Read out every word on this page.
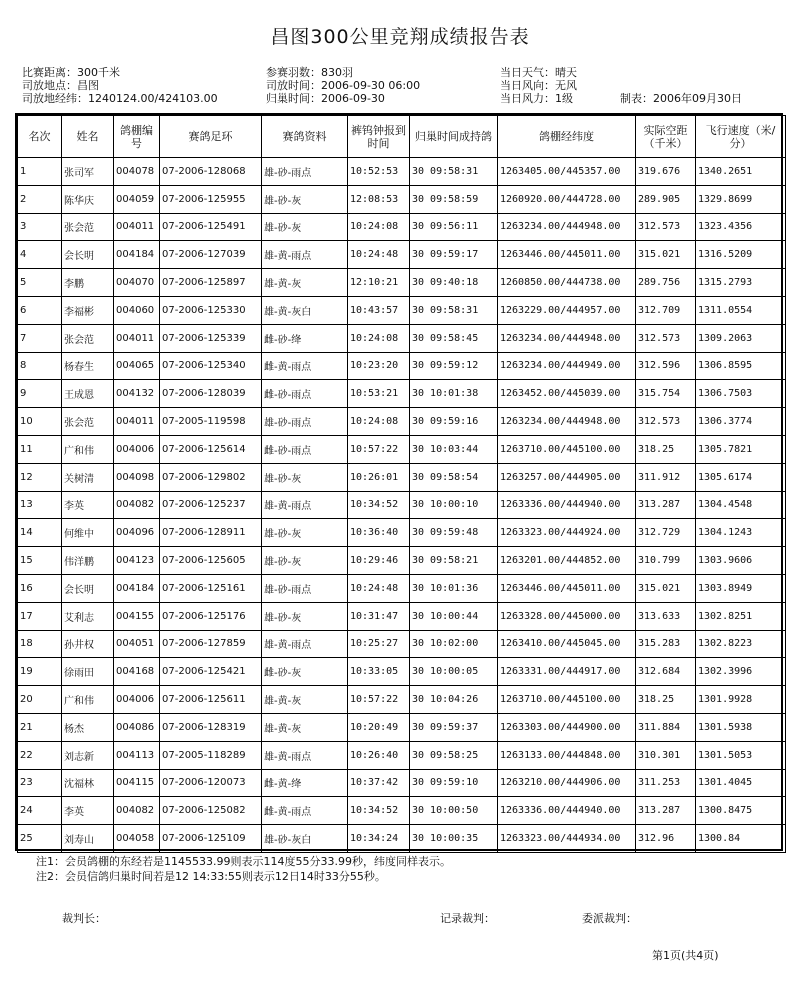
昌图300公里竞翔成绩报告表
比赛距离：300千米
司放地点：昌图
司放地经纬：1240124.00/424103.00
参赛羽数：830羽
司放时间：2006-09-30 06:00
归巢时间：2006-09-30
当日天气：晴天
当日风向：无风
当日风力：1级	制表：2006年09月30日
名次	姓名	鸽棚编号	赛鸽足环	赛鸽资料	裤钨钟报到时间	归巢时间成持鸽	鸽棚经纬度	实际空距（千米）	飞行速度（米/分）
1	张司军	004078	07-2006-128068	雄-砂-雨点	10:52:53	30 09:58:31	1263405.00/445357.00	319.676	1340.2651
2	陈华庆	004059	07-2006-125955	雄-砂-灰	12:08:53	30 09:58:59	1260920.00/444728.00	289.905	1329.8699
3	张会范	004011	07-2006-125491	雄-砂-灰	10:24:08	30 09:56:11	1263234.00/444948.00	312.573	1323.4356
4	会长明	004184	07-2006-127039	雄-黄-雨点	10:24:48	30 09:59:17	1263446.00/445011.00	315.021	1316.5209
5	李鹏	004070	07-2006-125897	雄-黄-灰	12:10:21	30 09:40:18	1260850.00/444738.00	289.756	1315.2793
6	李福彬	004060	07-2006-125330	雄-黄-灰白	10:43:57	30 09:58:31	1263229.00/444957.00	312.709	1311.0554
7	张会范	004011	07-2006-125339	雌-砂-绛	10:24:08	30 09:58:45	1263234.00/444948.00	312.573	1309.2063
8	杨春生	004065	07-2006-125340	雌-黄-雨点	10:23:20	30 09:59:12	1263234.00/444949.00	312.596	1306.8595
9	王成恩	004132	07-2006-128039	雌-砂-雨点	10:53:21	30 10:01:38	1263452.00/445039.00	315.754	1306.7503
10	张会范	004011	07-2005-119598	雄-砂-雨点	10:24:08	30 09:59:16	1263234.00/444948.00	312.573	1306.3774
11	广和伟	004006	07-2006-125614	雌-砂-雨点	10:57:22	30 10:03:44	1263710.00/445100.00	318.25	1305.7821
12	关树清	004098	07-2006-129802	雄-砂-灰	10:26:01	30 09:58:54	1263257.00/444905.00	311.912	1305.6174
13	李英	004082	07-2006-125237	雄-黄-雨点	10:34:52	30 10:00:10	1263336.00/444940.00	313.287	1304.4548
14	何维中	004096	07-2006-128911	雄-砂-灰	10:36:40	30 09:59:48	1263323.00/444924.00	312.729	1304.1243
15	伟洋鹏	004123	07-2006-125605	雄-砂-灰	10:29:46	30 09:58:21	1263201.00/444852.00	310.799	1303.9606
16	会长明	004184	07-2006-125161	雄-砂-雨点	10:24:48	30 10:01:36	1263446.00/445011.00	315.021	1303.8949
17	艾利志	004155	07-2006-125176	雄-砂-灰	10:31:47	30 10:00:44	1263328.00/445000.00	313.633	1302.8251
18	孙井权	004051	07-2006-127859	雄-黄-雨点	10:25:27	30 10:02:00	1263410.00/445045.00	315.283	1302.8223
19	徐雨田	004168	07-2006-125421	雌-砂-灰	10:33:05	30 10:00:05	1263331.00/444917.00	312.684	1302.3996
20	广和伟	004006	07-2006-125611	雄-黄-灰	10:57:22	30 10:04:26	1263710.00/445100.00	318.25	1301.9928
21	杨杰	004086	07-2006-128319	雄-黄-灰	10:20:49	30 09:59:37	1263303.00/444900.00	311.884	1301.5938
22	刘志新	004113	07-2005-118289	雄-黄-雨点	10:26:40	30 09:58:25	1263133.00/444848.00	310.301	1301.5053
23	沈福林	004115	07-2006-120073	雌-黄-绛	10:37:42	30 09:59:10	1263210.00/444906.00	311.253	1301.4045
24	李英	004082	07-2006-125082	雌-黄-雨点	10:34:52	30 10:00:50	1263336.00/444940.00	313.287	1300.8475
25	刘寿山	004058	07-2006-125109	雄-砂-灰白	10:34:24	30 10:00:35	1263323.00/444934.00	312.96	1300.84
注1：会员鸽棚的东经若是1145533.99则表示114度55分33.99秒，纬度同样表示。
注2：会员信鸽归巢时间若是12 14:33:55则表示12日14时33分55秒。
裁判长：	记录裁判：	委派裁判：
第1页(共4页)
